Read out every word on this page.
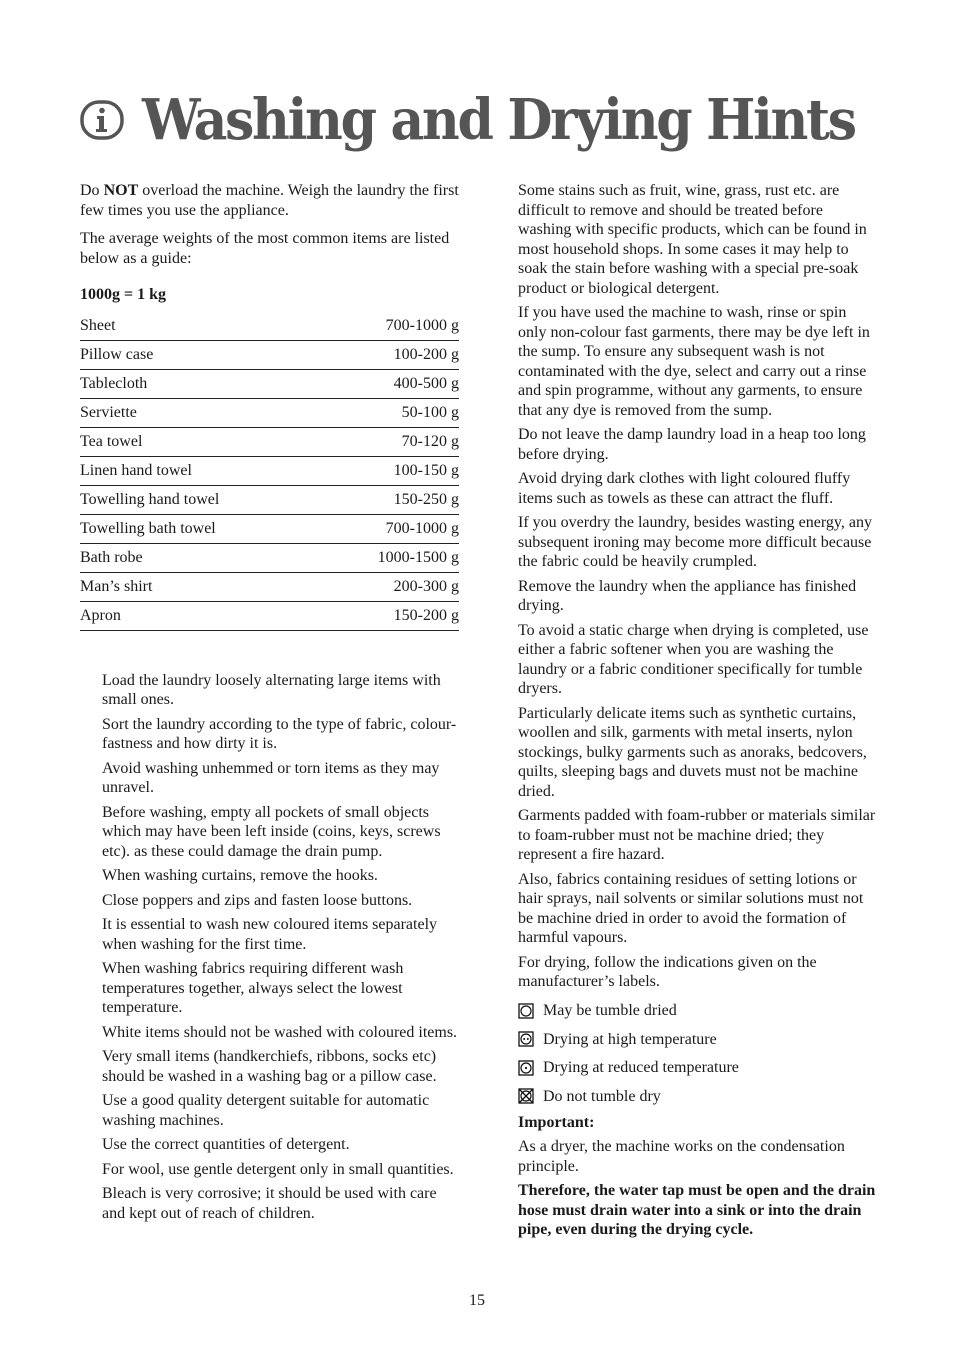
Washing and Drying Hints

Do NOT overload the machine. Weigh the laundry the first few times you use the appliance.

The average weights of the most common items are listed below as a guide:

1000g = 1 kg

Sheet	700-1000 g
Pillow case	100-200 g
Tablecloth	400-500 g
Serviette	50-100 g
Tea towel	70-120 g
Linen hand towel	100-150 g
Towelling hand towel	150-250 g
Towelling bath towel	700-1000 g
Bath robe	1000-1500 g
Man’s shirt	200-300 g
Apron	150-200 g

Load the laundry loosely alternating large items with small ones.

Sort the laundry according to the type of fabric, colour-fastness and how dirty it is.

Avoid washing unhemmed or torn items as they may unravel.

Before washing, empty all pockets of small objects which may have been left inside (coins, keys, screws etc). as these could damage the drain pump.

When washing curtains, remove the hooks.

Close poppers and zips and fasten loose buttons.

It is essential to wash new coloured items separately when washing for the first time.

When washing fabrics requiring different wash temperatures together, always select the lowest temperature.

White items should not be washed with coloured items.

Very small items (handkerchiefs, ribbons, socks etc) should be washed in a washing bag or a pillow case.

Use a good quality detergent suitable for automatic washing machines.

Use the correct quantities of detergent.

For wool, use gentle detergent only in small quantities.

Bleach is very corrosive; it should be used with care and kept out of reach of children.

Some stains such as fruit, wine, grass, rust etc. are difficult to remove and should be treated before washing with specific products, which can be found in most household shops. In some cases it may help to soak the stain before washing with a special pre-soak product or biological detergent.

If you have used the machine to wash, rinse or spin only non-colour fast garments, there may be dye left in the sump. To ensure any subsequent wash is not contaminated with the dye, select and carry out a rinse and spin programme, without any garments, to ensure that any dye is removed from the sump.

Do not leave the damp laundry load in a heap too long before drying.

Avoid drying dark clothes with light coloured fluffy items such as towels as these can attract the fluff.

If you overdry the laundry, besides wasting energy, any subsequent ironing may become more difficult because the fabric could be heavily crumpled.

Remove the laundry when the appliance has finished drying.

To avoid a static charge when drying is completed, use either a fabric softener when you are washing the laundry or a fabric conditioner specifically for tumble dryers.

Particularly delicate items such as synthetic curtains, woollen and silk, garments with metal inserts, nylon stockings, bulky garments such as anoraks, bedcovers, quilts, sleeping bags and duvets must not be machine dried.

Garments padded with foam-rubber or materials similar to foam-rubber must not be machine dried; they represent a fire hazard.

Also, fabrics containing residues of setting lotions or hair sprays, nail solvents or similar solutions must not be machine dried in order to avoid the formation of harmful vapours.

For drying, follow the indications given on the manufacturer’s labels.

May be tumble dried
Drying at high temperature
Drying at reduced temperature
Do not tumble dry

Important:

As a dryer, the machine works on the condensation principle.

Therefore, the water tap must be open and the drain hose must drain water into a sink or into the drain pipe, even during the drying cycle.

15
